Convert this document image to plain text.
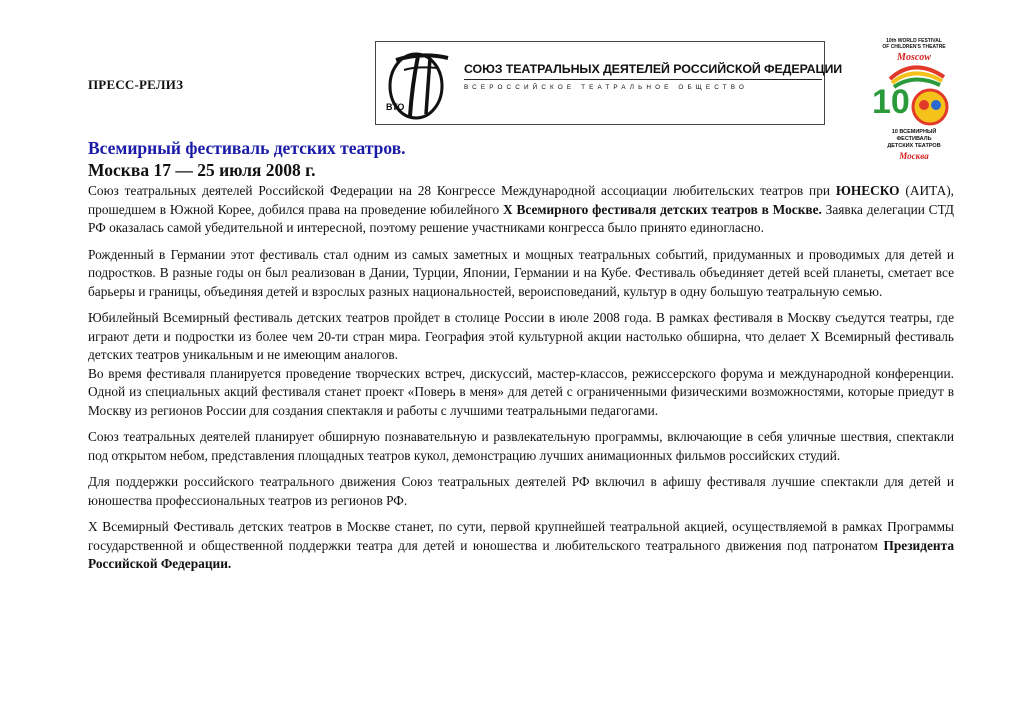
ПРЕСС-РЕЛИЗ
ВТО
СОЮЗ ТЕАТРАЛЬНЫХ ДЕЯТЕЛЕЙ РОССИЙСКОЙ ФЕДЕРАЦИИ
ВСЕРОССИЙСКОЕ ТЕАТРАЛЬНОЕ ОБЩЕСТВО
10th WORLD FESTIVAL
OF CHILDREN'S THEATRE
Moscow
10
10 ВСЕМИРНЫЙ
ФЕСТИВАЛЬ
ДЕТСКИХ ТЕАТРОВ
Москва
Всемирный фестиваль детских театров.
Москва 17 — 25 июля 2008 г.

Союз театральных деятелей Российской Федерации на 28 Конгрессе Международной ассоциации любительских театров при ЮНЕСКО (АИТА), прошедшем в Южной Корее, добился права на проведение юбилейного Х Всемирного фестиваля детских театров в Москве. Заявка делегации СТД РФ оказалась самой убедительной и интересной, поэтому решение участниками конгресса было принято единогласно.

Рожденный в Германии этот фестиваль стал одним из самых заметных и мощных театральных событий, придуманных и проводимых для детей и подростков. В разные годы он был реализован в Дании, Турции, Японии, Германии и на Кубе. Фестиваль объединяет детей всей планеты, сметает все барьеры и границы, объединяя детей и взрослых разных национальностей, вероисповеданий, культур в одну большую театральную семью.

Юбилейный Всемирный фестиваль детских театров пройдет в столице России в июле 2008 года. В рамках фестиваля в Москву съедутся театры, где играют дети и подростки из более чем 20-ти стран мира. География этой культурной акции настолько обширна, что делает Х Всемирный фестиваль детских театров уникальным и не имеющим аналогов.

Во время фестиваля планируется проведение творческих встреч, дискуссий, мастер-классов, режиссерского форума и международной конференции. Одной из специальных акций фестиваля станет проект «Поверь в меня» для детей с ограниченными физическими возможностями, которые приедут в Москву из регионов России для создания спектакля и работы с лучшими театральными педагогами.

Союз театральных деятелей планирует обширную познавательную и развлекательную программы, включающие в себя уличные шествия, спектакли под открытом небом, представления площадных театров кукол, демонстрацию лучших анимационных фильмов российских студий.

Для поддержки российского театрального движения Союз театральных деятелей РФ включил в афишу фестиваля лучшие спектакли для детей и юношества профессиональных театров из регионов РФ.

Х Всемирный Фестиваль детских театров в Москве станет, по сути, первой крупнейшей театральной акцией, осуществляемой в рамках Программы государственной и общественной поддержки театра для детей и юношества и любительского театрального движения под патронатом Президента Российской Федерации.
